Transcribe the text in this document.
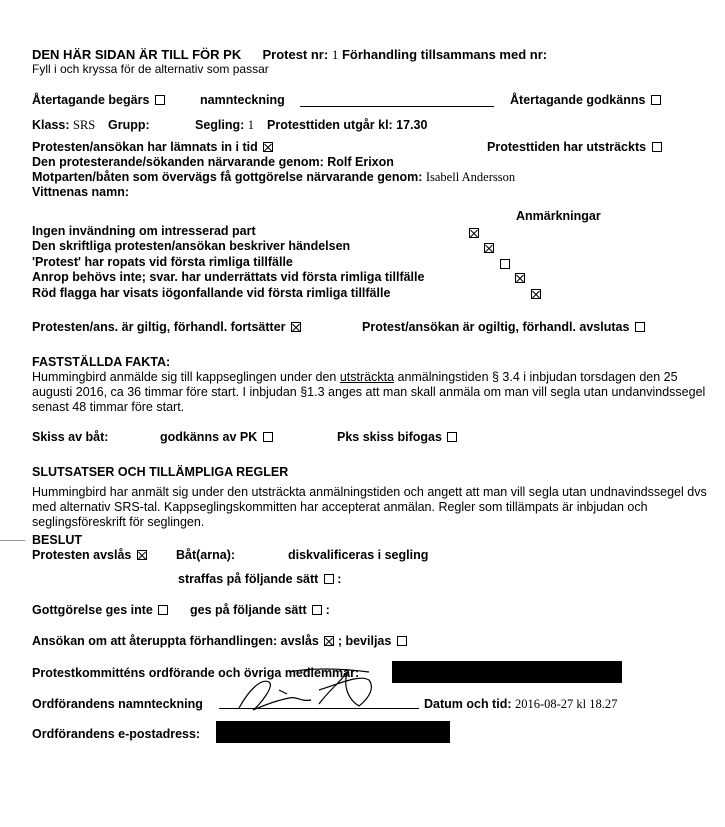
DEN HÄR SIDAN ÄR TILL FÖR PK Protest nr: 1 Förhandling tillsammans med nr:
Fyll i och kryssa för de alternativ som passar
Återtagande begärs	namnteckning	Återtagande godkänns
Klass: SRS Grupp:	Segling: 1 Protesttiden utgår kl: 17.30
Protesten/ansökan har lämnats in i tid	Protesttiden har utsträckts
Den protesterande/sökanden närvarande genom: Rolf Erixon
Motparten/båten som övervägs få gottgörelse närvarande genom: Isabell Andersson
Vittnenas namn:
Anmärkningar
Ingen invändning om intresserad part

Den skriftliga protesten/ansökan beskriver händelsen

'Protest' har ropats vid första rimliga tillfälle

Anrop behövs inte; svar. har underrättats vid första rimliga tillfälle

Röd flagga har visats iögonfallande vid första rimliga tillfälle
Protesten/ans. är giltig, förhandl. fortsätter	Protest/ansökan är ogiltig, förhandl. avslutas
FASTSTÄLLDA FAKTA:
Hummingbird anmälde sig till kappseglingen under den utsträckta anmälningstiden § 3.4 i inbjudan torsdagen den 25 augusti 2016, ca 36 timmar före start. I inbjudan §1.3 anges att man skall anmäla om man vill segla utan undanvindssegel senast 48 timmar före start.
Skiss av båt:	godkänns av PK	Pks skiss bifogas
SLUTSATSER OCH TILLÄMPLIGA REGLER
Hummingbird har anmält sig under den utsträckta anmälningstiden och angett att man vill segla utan undnavindssegel dvs med alternativ SRS-tal. Kappseglingskommitten har accepterat anmälan. Regler som tillämpats är inbjudan och seglingsföreskrift för seglingen.
BESLUT
Protesten avslås	Båt(arna):	diskvalificeras i segling
straffas på följande sätt :
Gottgörelse ges inte	ges på följande sätt :
Ansökan om att återuppta förhandlingen: avslås ; beviljas
Protestkommitténs ordförande och övriga medlemmar:
Ordförandens namnteckning	Datum och tid: 2016-08-27 kl 18.27
Ordförandens e-postadress:
